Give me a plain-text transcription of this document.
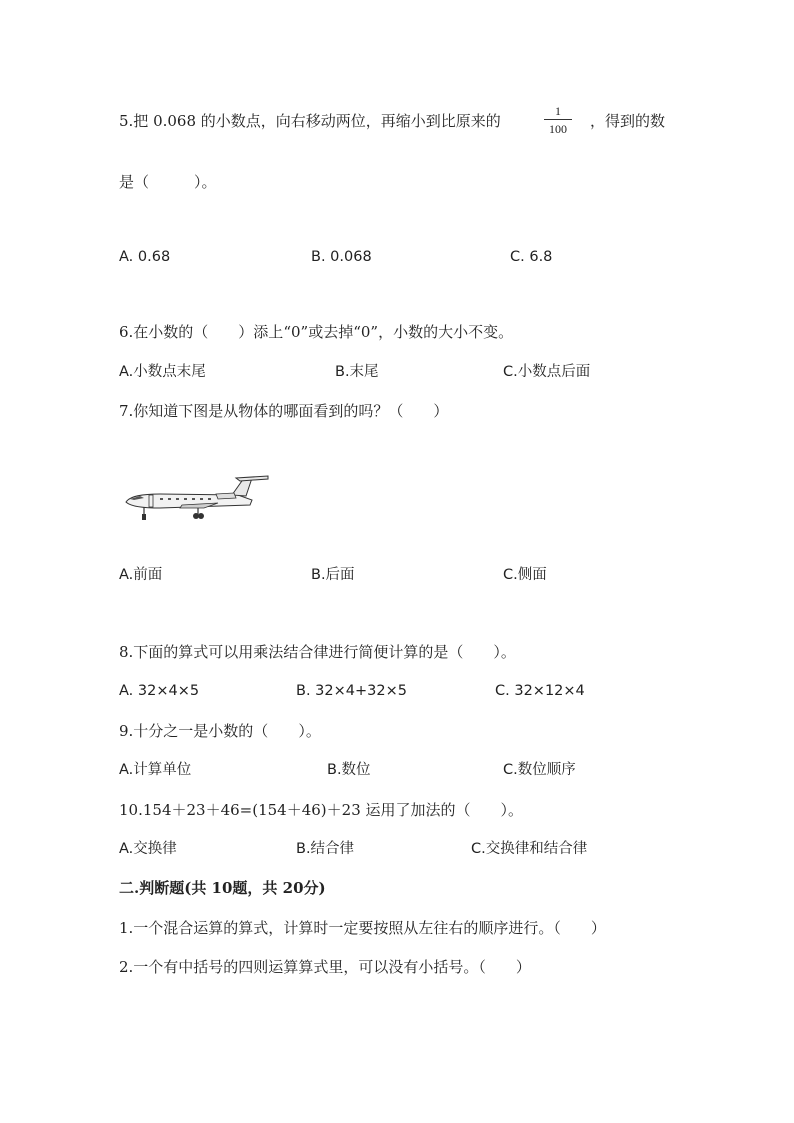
5.把 0.068 的小数点，向右移动两位，再缩小到比原来的
1
100	，得到的数
是（　　　）。
A. 0.68	B. 0.068	C. 6.8
6.在小数的（　　）添上“0”或去掉“0”，小数的大小不变。
A.小数点末尾	B.末尾	C.小数点后面
7.你知道下图是从物体的哪面看到的吗？（　　）
A.前面	B.后面	C.侧面
8.下面的算式可以用乘法结合律进行简便计算的是（　　）。
A. 32×4×5	B. 32×4+32×5	C. 32×12×4
9.十分之一是小数的（　　）。
A.计算单位	B.数位	C.数位顺序
10.154＋23＋46=(154＋46)＋23 运用了加法的（　　）。
A.交换律	B.结合律	C.交换律和结合律
二.判断题(共 10题，共 20分)
1.一个混合运算的算式，计算时一定要按照从左往右的顺序进行。（　　）
2.一个有中括号的四则运算算式里，可以没有小括号。（　　）
